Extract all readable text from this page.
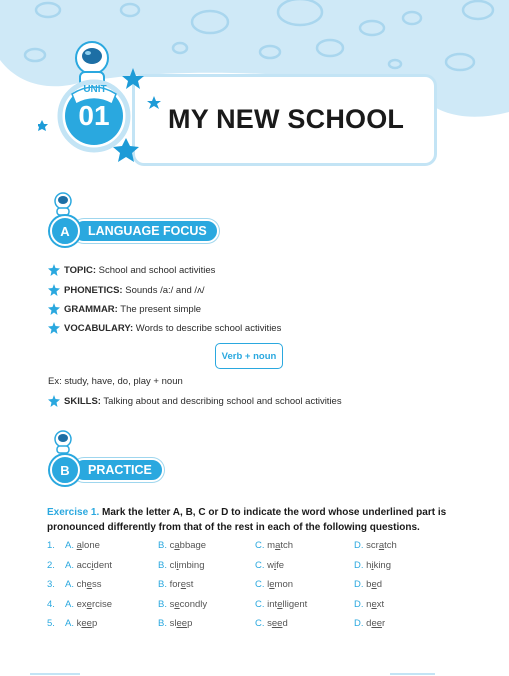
MY NEW SCHOOL
UNIT
01
A	LANGUAGE FOCUS
TOPIC: School and school activities
PHONETICS: Sounds /a:/ and /ʌ/
GRAMMAR: The present simple
VOCABULARY: Words to describe school activities
Verb + noun
Ex: study, have, do, play + noun
SKILLS: Talking about and describing school and school activities
B	PRACTICE
Exercise 1. Mark the letter A, B, C or D to indicate the word whose underlined part is pronounced differently from that of the rest in each of the following questions.
1. A. alone	B. cabbage	C. match	D. scratch
2. A. accident	B. climbing	C. wife	D. hiking
3. A. chess	B. forest	C. lemon	D. bed
4. A. exercise	B. secondly	C. intelligent	D. next
5. A. keep	B. sleep	C. seed	D. deer
